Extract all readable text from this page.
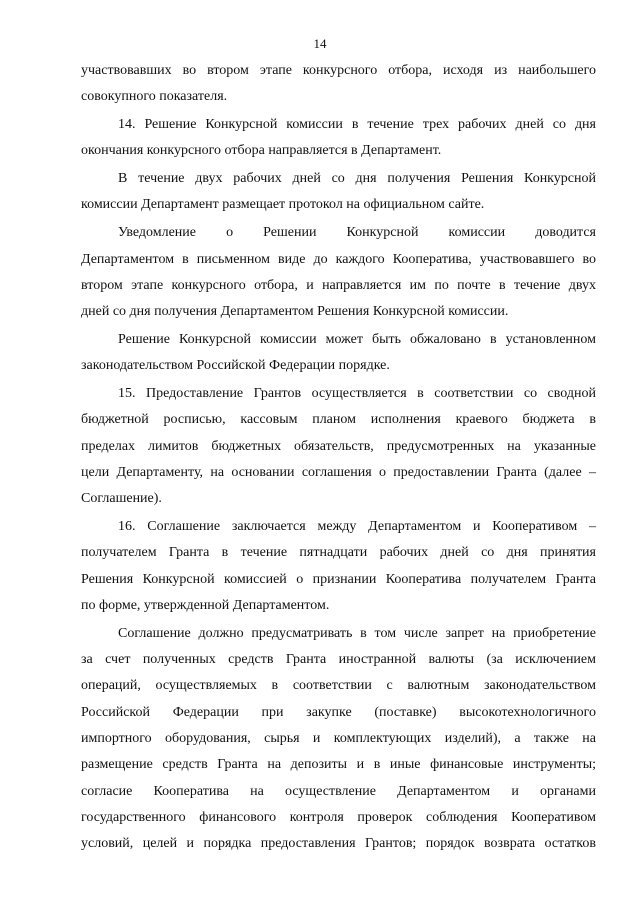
14
участвовавших во втором этапе конкурсного отбора, исходя из наибольшего
совокупного показателя.
14. Решение Конкурсной комиссии в течение трех рабочих дней со дня
окончания конкурсного отбора направляется в Департамент.
В течение двух рабочих дней со дня получения Решения Конкурсной
комиссии Департамент размещает протокол на официальном сайте.
Уведомление о Решении Конкурсной комиссии доводится
Департаментом в письменном виде до каждого Кооператива, участвовавшего во
втором этапе конкурсного отбора, и направляется им по почте в течение двух
дней со дня получения Департаментом Решения Конкурсной комиссии.
Решение Конкурсной комиссии может быть обжаловано в установленном
законодательством Российской Федерации порядке.
15. Предоставление Грантов осуществляется в соответствии со сводной
бюджетной росписью, кассовым планом исполнения краевого бюджета в
пределах лимитов бюджетных обязательств, предусмотренных на указанные
цели Департаменту, на основании соглашения о предоставлении Гранта (далее –
Соглашение).
16. Соглашение заключается между Департаментом и Кооперативом –
получателем Гранта в течение пятнадцати рабочих дней со дня принятия
Решения Конкурсной комиссией о признании Кооператива получателем Гранта
по форме, утвержденной Департаментом.
Соглашение должно предусматривать в том числе запрет на приобретение
за счет полученных средств Гранта иностранной валюты (за исключением
операций, осуществляемых в соответствии с валютным законодательством
Российской Федерации при закупке (поставке) высокотехнологичного
импортного оборудования, сырья и комплектующих изделий), а также на
размещение средств Гранта на депозиты и в иные финансовые инструменты;
согласие Кооператива на осуществление Департаментом и органами
государственного финансового контроля проверок соблюдения Кооперативом
условий, целей и порядка предоставления Грантов; порядок возврата остатков
